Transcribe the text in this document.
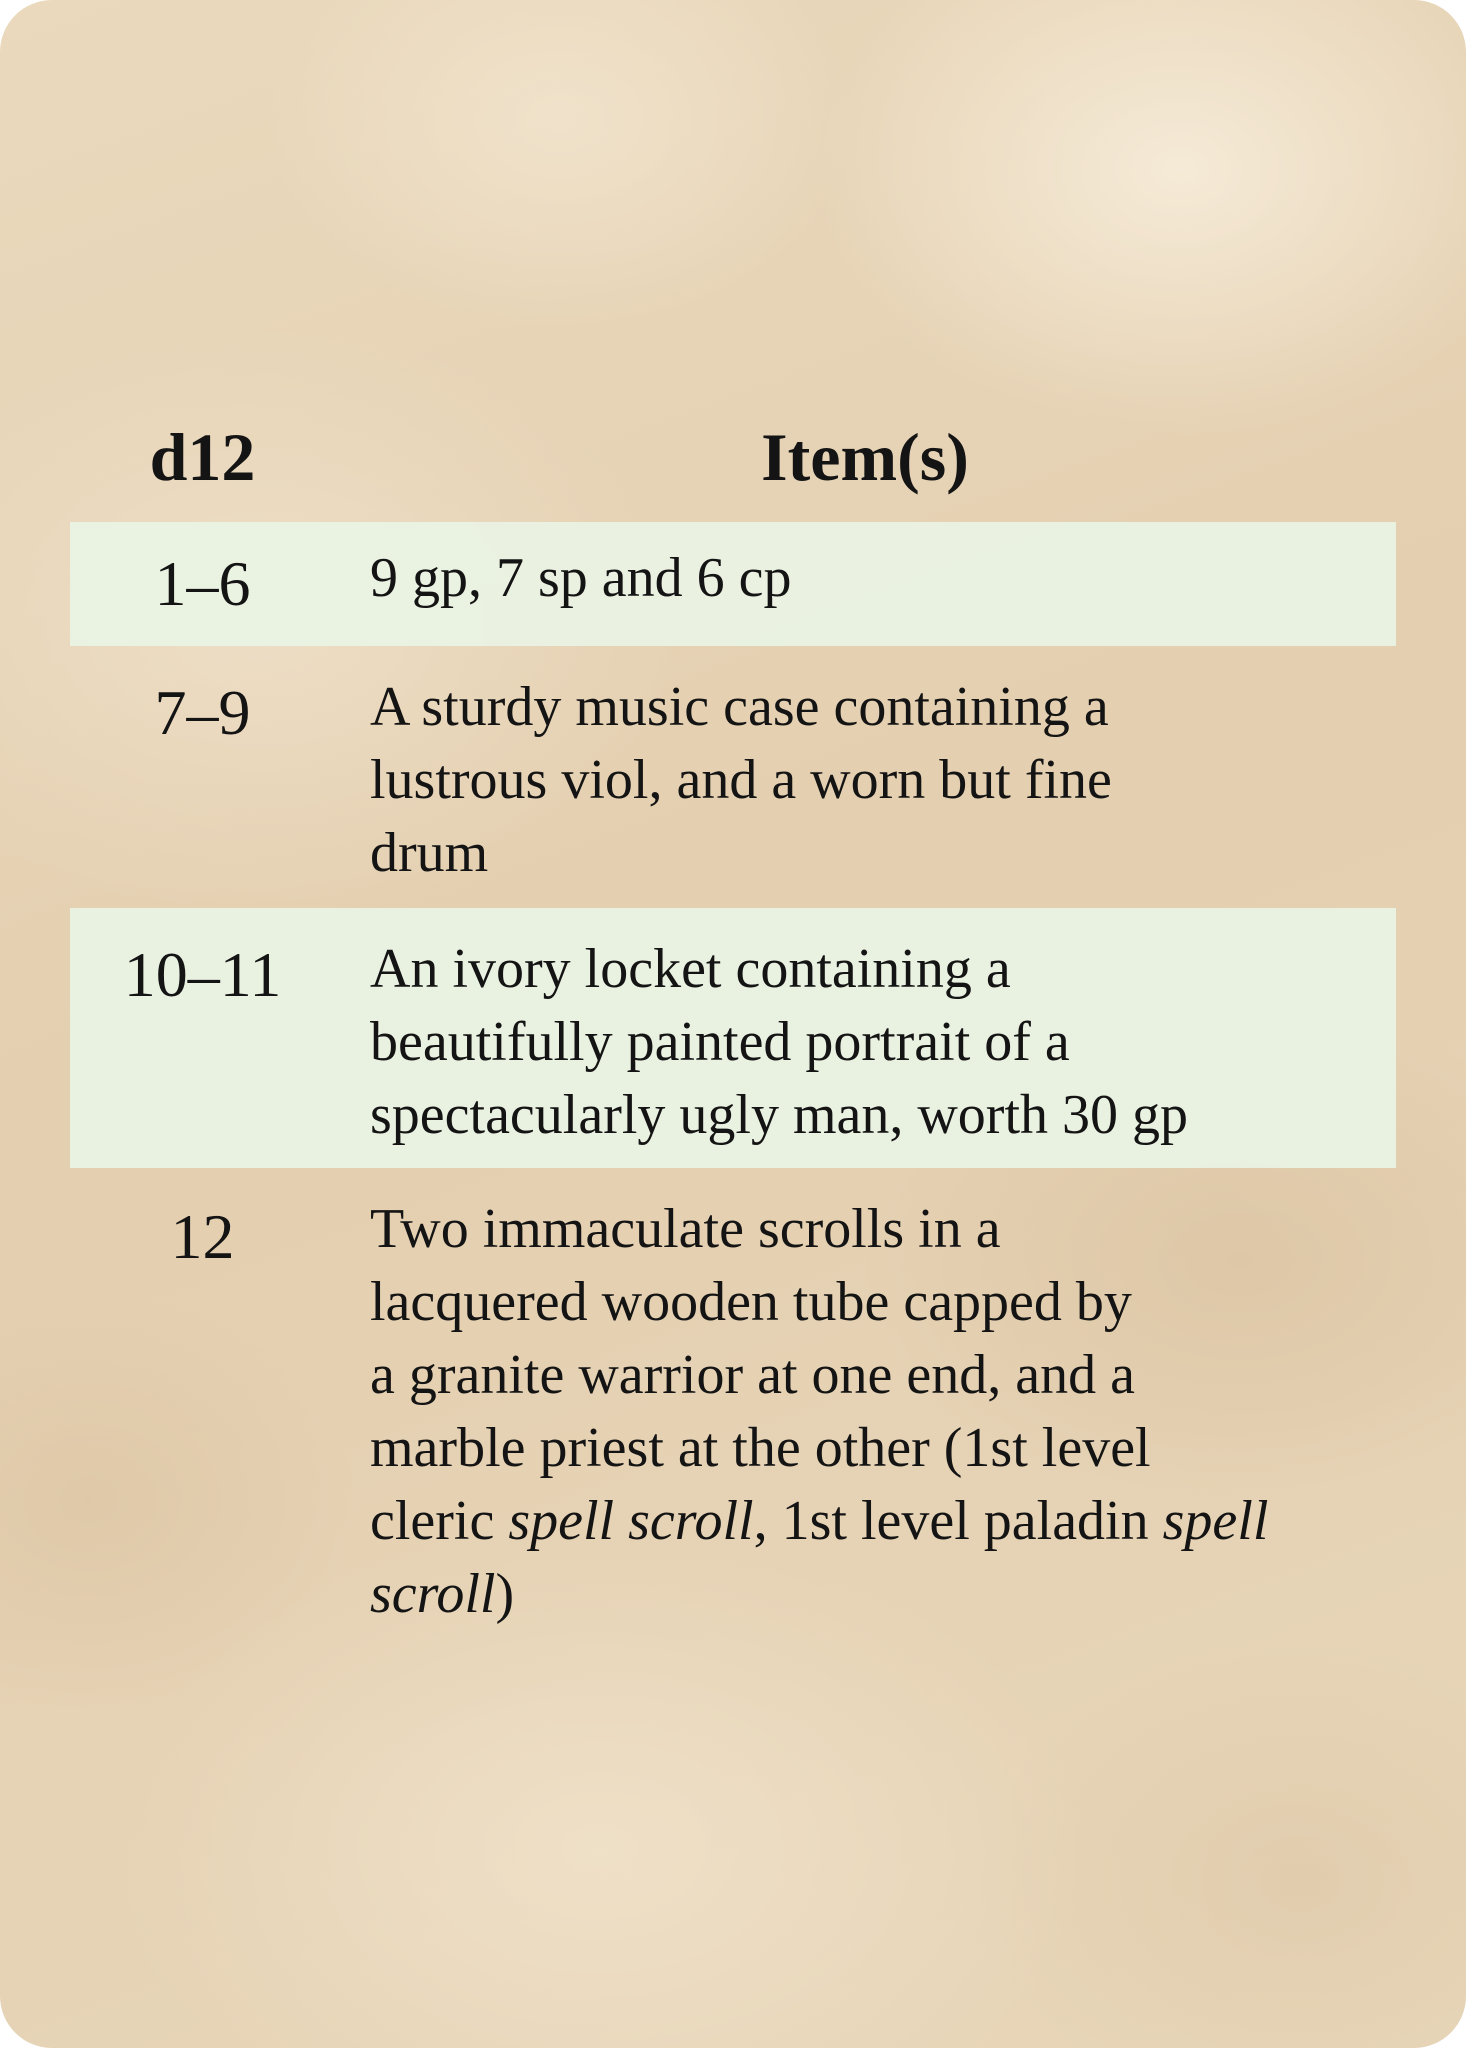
d12	Item(s)
1–6	9 gp, 7 sp and 6 cp
7–9	A sturdy music case containing a
lustrous viol, and a worn but fine
drum
10–11	An ivory locket containing a
beautifully painted portrait of a
spectacularly ugly man, worth 30 gp
12	Two immaculate scrolls in a
lacquered wooden tube capped by
a granite warrior at one end, and a
marble priest at the other (1st level
cleric spell scroll, 1st level paladin spell
scroll)
